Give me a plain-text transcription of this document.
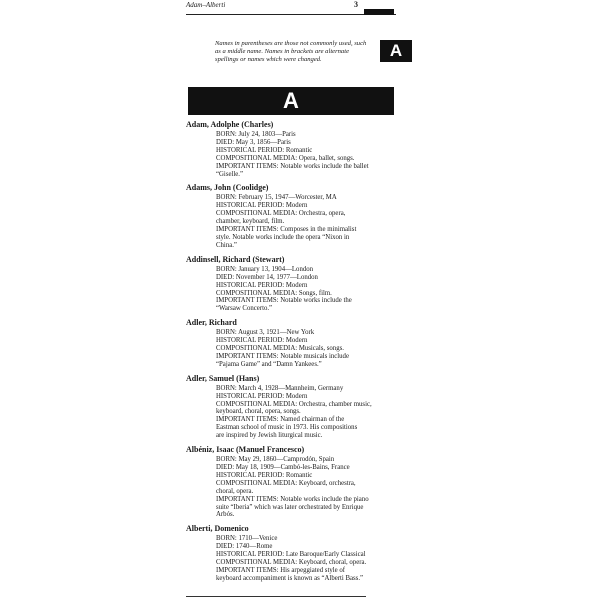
Adam–Alberti	3
Names in parentheses are those not commonly used, such as a middle name. Names in brackets are alternate spellings or names which were changed.	A
A
Adam, Adolphe (Charles)
BORN: July 24, 1803—Paris
DIED: May 3, 1856—Paris
HISTORICAL PERIOD: Romantic
COMPOSITIONAL MEDIA: Opera, ballet, songs.
IMPORTANT ITEMS: Notable works include the ballet
“Giselle.”
Adams, John (Coolidge)
BORN: February 15, 1947—Worcester, MA
HISTORICAL PERIOD: Modern
COMPOSITIONAL MEDIA: Orchestra, opera,
chamber, keyboard, film.
IMPORTANT ITEMS: Composes in the minimalist
style. Notable works include the opera “Nixon in
China.”
Addinsell, Richard (Stewart)
BORN: January 13, 1904—London
DIED: November 14, 1977—London
HISTORICAL PERIOD: Modern
COMPOSITIONAL MEDIA: Songs, film.
IMPORTANT ITEMS: Notable works include the
“Warsaw Concerto.”
Adler, Richard
BORN: August 3, 1921—New York
HISTORICAL PERIOD: Modern
COMPOSITIONAL MEDIA: Musicals, songs.
IMPORTANT ITEMS: Notable musicals include
“Pajama Game” and “Damn Yankees.”
Adler, Samuel (Hans)
BORN: March 4, 1928—Mannheim, Germany
HISTORICAL PERIOD: Modern
COMPOSITIONAL MEDIA: Orchestra, chamber music,
keyboard, choral, opera, songs.
IMPORTANT ITEMS: Named chairman of the
Eastman school of music in 1973. His compositions
are inspired by Jewish liturgical music.
Albéniz, Isaac (Manuel Francesco)
BORN: May 29, 1860—Camprodón, Spain
DIED: May 18, 1909—Cambó-les-Bains, France
HISTORICAL PERIOD: Romantic
COMPOSITIONAL MEDIA: Keyboard, orchestra,
choral, opera.
IMPORTANT ITEMS: Notable works include the piano
suite “Iberia” which was later orchestrated by Enrique
Arbós.
Alberti, Domenico
BORN: 1710—Venice
DIED: 1740—Rome
HISTORICAL PERIOD: Late Baroque/Early Classical
COMPOSITIONAL MEDIA: Keyboard, choral, opera.
IMPORTANT ITEMS: His arpeggiated style of
keyboard accompaniment is known as “Alberti Bass.”
